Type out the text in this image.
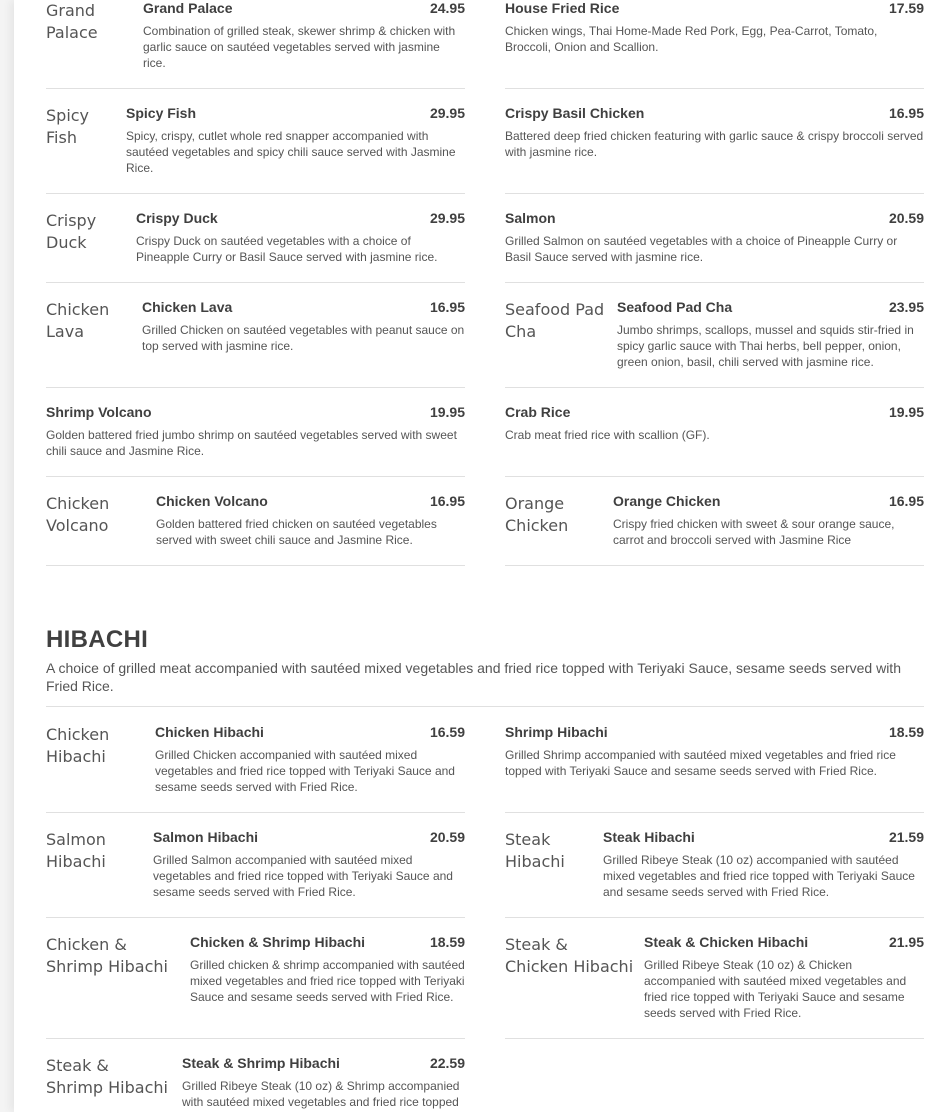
Grand Palace
Grand Palace	24.95
Combination of grilled steak, skewer shrimp & chicken with garlic sauce on sautéed vegetables served with jasmine rice.
House Fried Rice	17.59
Chicken wings, Thai Home-Made Red Pork, Egg, Pea-Carrot, Tomato, Broccoli, Onion and Scallion.
Spicy Fish
Spicy Fish	29.95
Spicy, crispy, cutlet whole red snapper accompanied with sautéed vegetables and spicy chili sauce served with Jasmine Rice.
Crispy Basil Chicken	16.95
Battered deep fried chicken featuring with garlic sauce & crispy broccoli served with jasmine rice.
Crispy Duck
Crispy Duck	29.95
Crispy Duck on sautéed vegetables with a choice of Pineapple Curry or Basil Sauce served with jasmine rice.
Salmon	20.59
Grilled Salmon on sautéed vegetables with a choice of Pineapple Curry or Basil Sauce served with jasmine rice.
Chicken Lava
Chicken Lava	16.95
Grilled Chicken on sautéed vegetables with peanut sauce on top served with jasmine rice.
Seafood Pad Cha
Seafood Pad Cha	23.95
Jumbo shrimps, scallops, mussel and squids stir-fried in spicy garlic sauce with Thai herbs, bell pepper, onion, green onion, basil, chili served with jasmine rice.
Shrimp Volcano	19.95
Golden battered fried jumbo shrimp on sautéed vegetables served with sweet chili sauce and Jasmine Rice.
Crab Rice	19.95
Crab meat fried rice with scallion (GF).
Chicken Volcano
Chicken Volcano	16.95
Golden battered fried chicken on sautéed vegetables served with sweet chili sauce and Jasmine Rice.
Orange Chicken
Orange Chicken	16.95
Crispy fried chicken with sweet & sour orange sauce, carrot and broccoli served with Jasmine Rice
HIBACHI
A choice of grilled meat accompanied with sautéed mixed vegetables and fried rice topped with Teriyaki Sauce, sesame seeds served with Fried Rice.
Chicken Hibachi
Chicken Hibachi	16.59
Grilled Chicken accompanied with sautéed mixed vegetables and fried rice topped with Teriyaki Sauce and sesame seeds served with Fried Rice.
Shrimp Hibachi	18.59
Grilled Shrimp accompanied with sautéed mixed vegetables and fried rice topped with Teriyaki Sauce and sesame seeds served with Fried Rice.
Salmon Hibachi
Salmon Hibachi	20.59
Grilled Salmon accompanied with sautéed mixed vegetables and fried rice topped with Teriyaki Sauce and sesame seeds served with Fried Rice.
Steak Hibachi
Steak Hibachi	21.59
Grilled Ribeye Steak (10 oz) accompanied with sautéed mixed vegetables and fried rice topped with Teriyaki Sauce and sesame seeds served with Fried Rice.
Chicken & Shrimp Hibachi
Chicken & Shrimp Hibachi	18.59
Grilled chicken & shrimp accompanied with sautéed mixed vegetables and fried rice topped with Teriyaki Sauce and sesame seeds served with Fried Rice.
Steak & Chicken Hibachi
Steak & Chicken Hibachi	21.95
Grilled Ribeye Steak (10 oz) & Chicken accompanied with sautéed mixed vegetables and fried rice topped with Teriyaki Sauce and sesame seeds served with Fried Rice.
Steak & Shrimp Hibachi
Steak & Shrimp Hibachi	22.59
Grilled Ribeye Steak (10 oz) & Shrimp accompanied with sautéed mixed vegetables and fried rice topped
